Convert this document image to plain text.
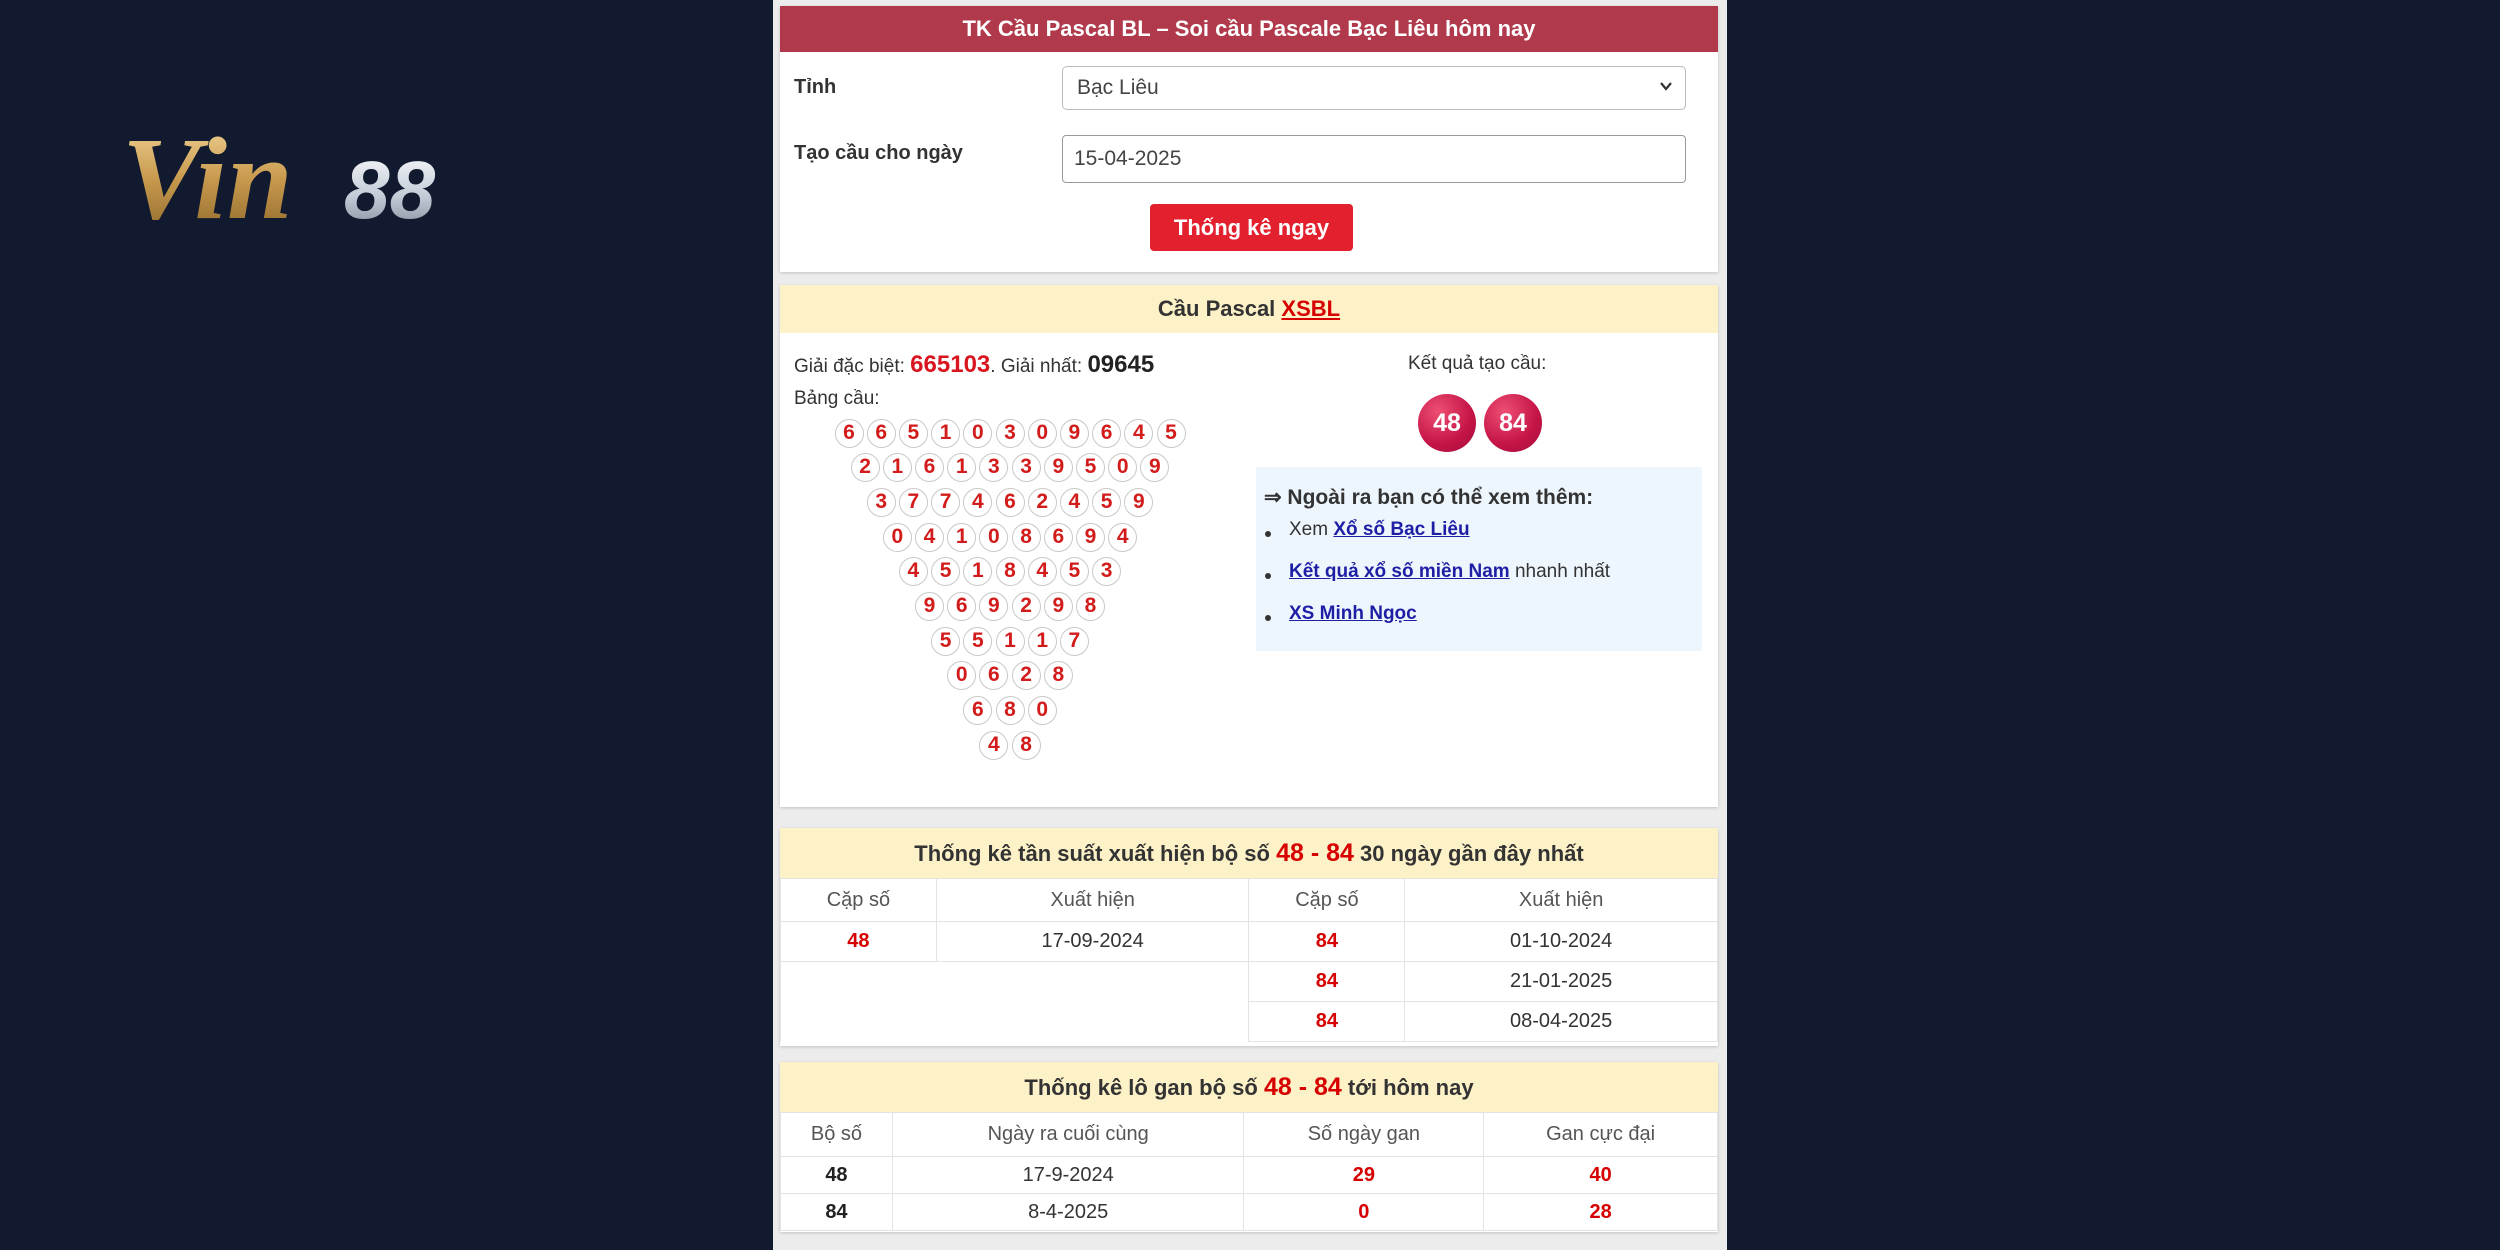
Vin 88
TK Cầu Pascal BL – Soi cầu Pascale Bạc Liêu hôm nay
Tỉnh	Bạc Liêu
Tạo cầu cho ngày	15-04-2025
Thống kê ngay
Cầu Pascal XSBL
Giải đặc biệt: 665103. Giải nhất: 09645
Bảng cầu:
6 6 5 1 0 3 0 9 6 4 5
2 1 6 1 3 3 9 5 0 9
3 7 7 4 6 2 4 5 9
0 4 1 0 8 6 9 4
4 5 1 8 4 5 3
9 6 9 2 9 8
5 5 1 1 7
0 6 2 8
6 8 0
4 8
Kết quả tạo cầu:
48	84
⇒ Ngoài ra bạn có thể xem thêm:
Xem Xổ số Bạc Liêu
Kết quả xổ số miền Nam nhanh nhất
XS Minh Ngọc
Thống kê tần suất xuất hiện bộ số 48 - 84 30 ngày gần đây nhất
Cặp số	Xuất hiện	Cặp số	Xuất hiện
48	17-09-2024	84	01-10-2024
		84	21-01-2025
		84	08-04-2025
Thống kê lô gan bộ số 48 - 84 tới hôm nay
Bộ số	Ngày ra cuối cùng	Số ngày gan	Gan cực đại
48	17-9-2024	29	40
84	8-4-2025	0	28
